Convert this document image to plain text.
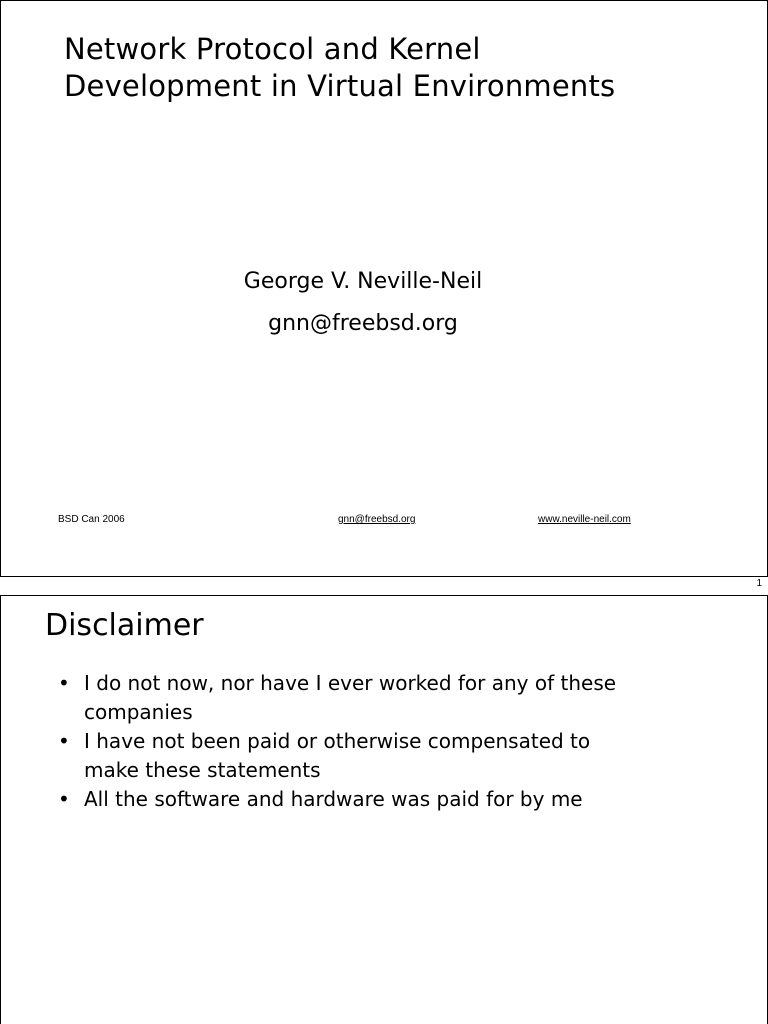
Network Protocol and Kernel
Development in Virtual Environments
George V. Neville-Neil
gnn@freebsd.org
BSD Can 2006	gnn@freebsd.org	www.neville-neil.com
1
Disclaimer
• I do not now, nor have I ever worked for any of these companies
• I have not been paid or otherwise compensated to make these statements
• All the software and hardware was paid for by me
